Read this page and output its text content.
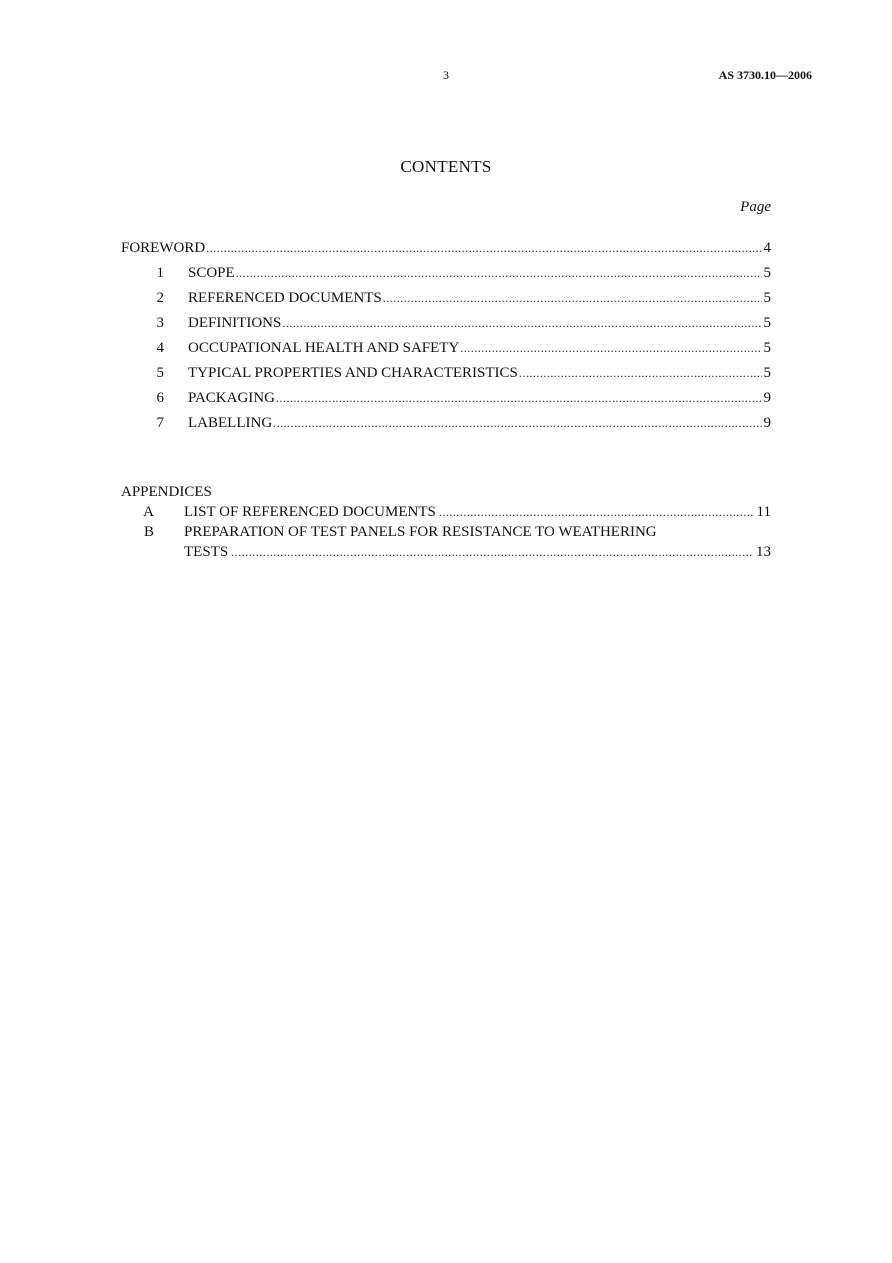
3	AS 3730.10—2006
CONTENTS
Page
FOREWORD .....	4
1	SCOPE .....	5
2	REFERENCED DOCUMENTS .....	5
3	DEFINITIONS .....	5
4	OCCUPATIONAL HEALTH AND SAFETY .....	5
5	TYPICAL PROPERTIES AND CHARACTERISTICS .....	5
6	PACKAGING .....	9
7	LABELLING .....	9
APPENDICES
A	LIST OF REFERENCED DOCUMENTS .....	11
B	PREPARATION OF TEST PANELS FOR RESISTANCE TO WEATHERING
TESTS .....	13
